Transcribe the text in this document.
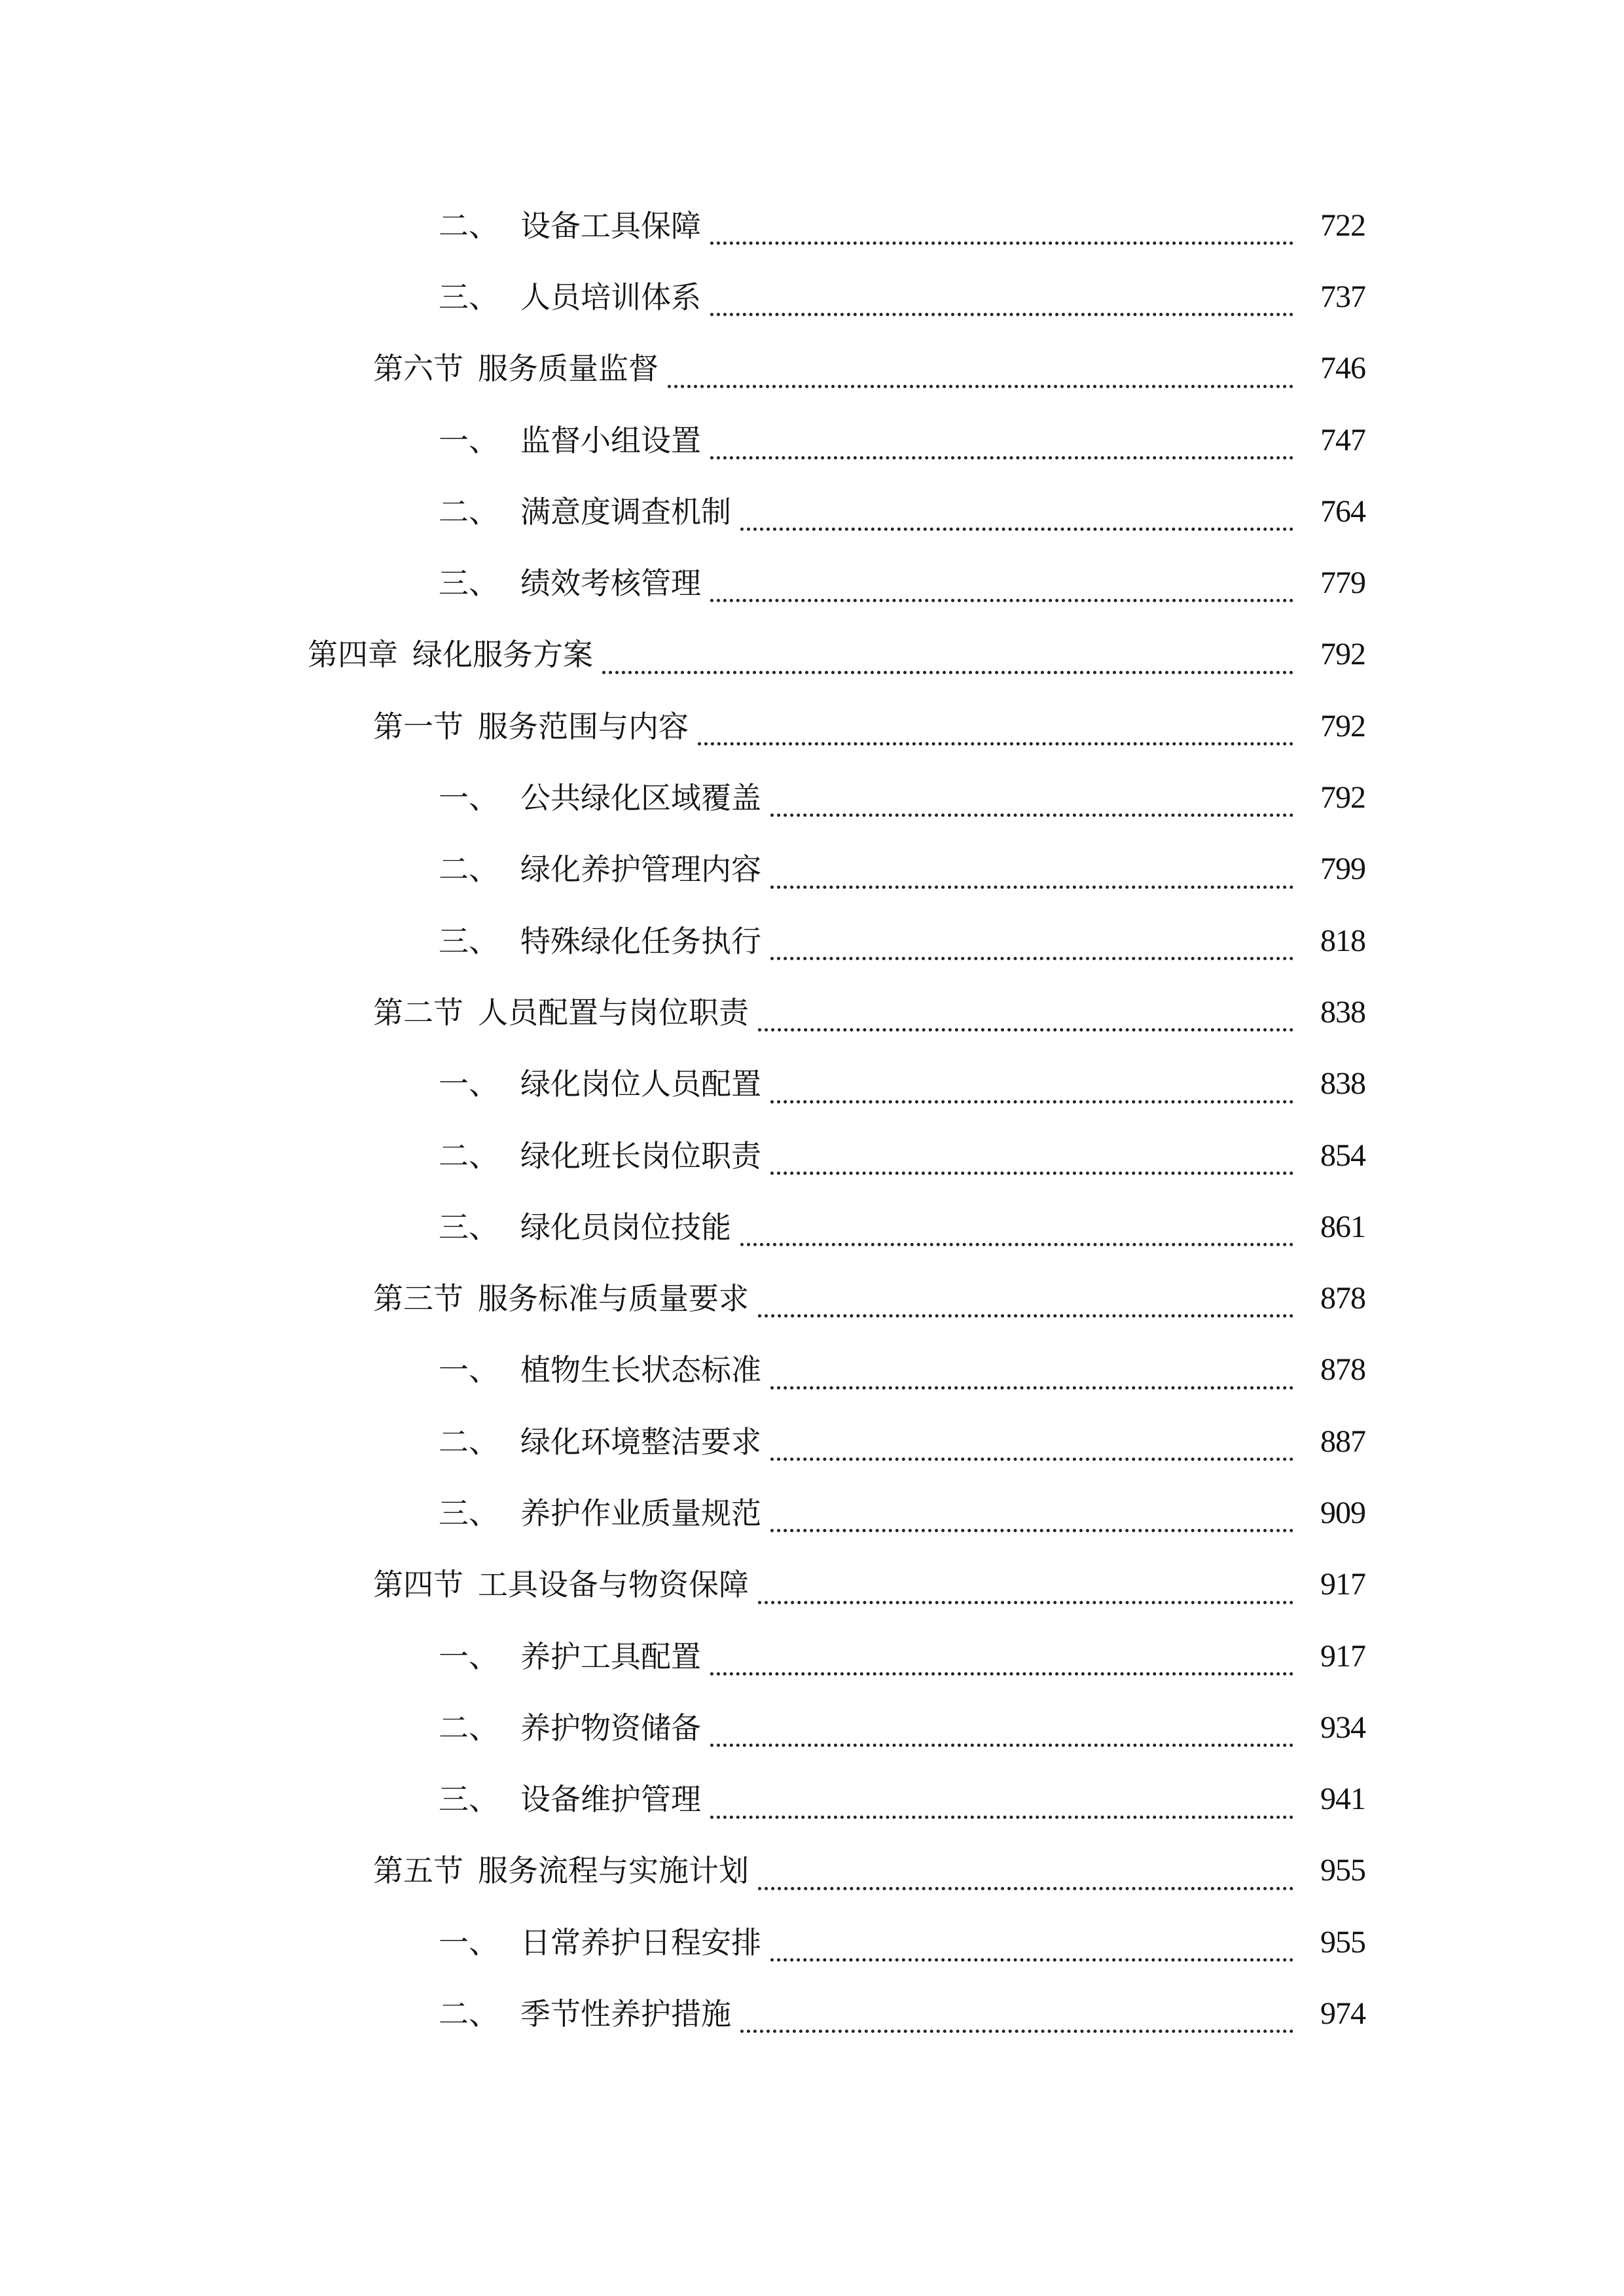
二、 设备工具保障	722
三、 人员培训体系	737
第六节 服务质量监督	746
一、 监督小组设置	747
二、 满意度调查机制	764
三、 绩效考核管理	779
第四章 绿化服务方案	792
第一节 服务范围与内容	792
一、 公共绿化区域覆盖	792
二、 绿化养护管理内容	799
三、 特殊绿化任务执行	818
第二节 人员配置与岗位职责	838
一、 绿化岗位人员配置	838
二、 绿化班长岗位职责	854
三、 绿化员岗位技能	861
第三节 服务标准与质量要求	878
一、 植物生长状态标准	878
二、 绿化环境整洁要求	887
三、 养护作业质量规范	909
第四节 工具设备与物资保障	917
一、 养护工具配置	917
二、 养护物资储备	934
三、 设备维护管理	941
第五节 服务流程与实施计划	955
一、 日常养护日程安排	955
二、 季节性养护措施	974
